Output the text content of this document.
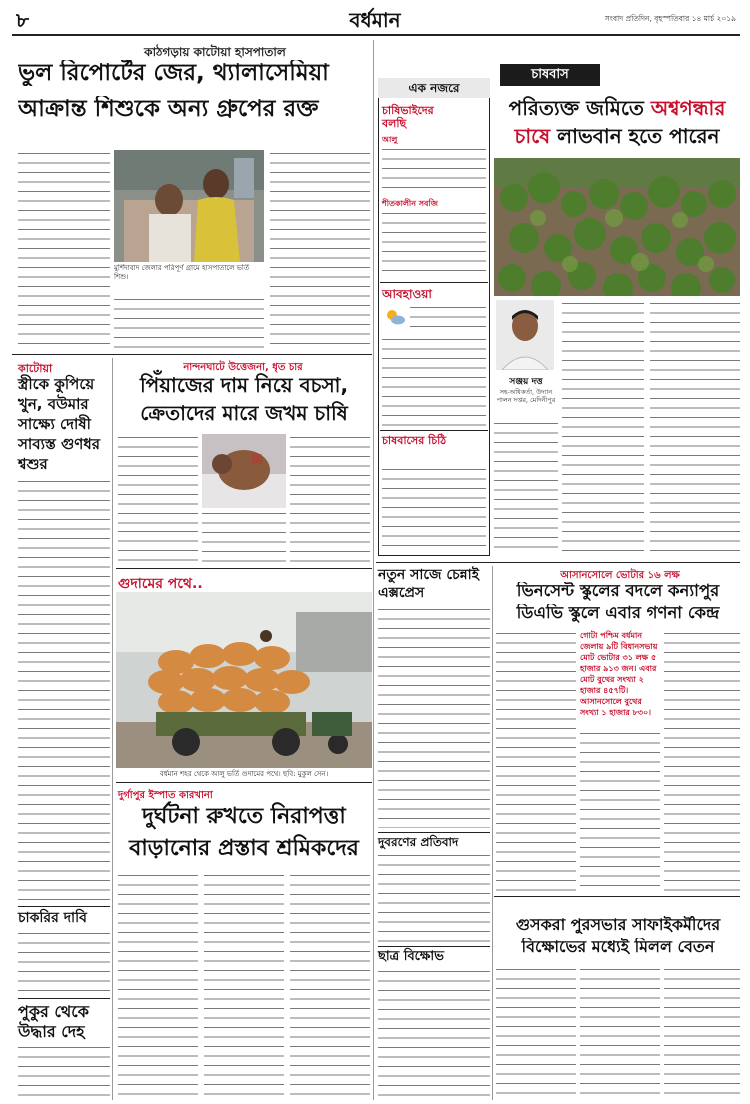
৮	বর্ধমান	সংবাদ প্রতিদিন, বৃহস্পতিবার ১৪ মার্চ ২০১৯
কাঠগড়ায় কাটোয়া হাসপাতাল
ভুল রিপোর্টের জের, থ্যালাসেমিয়া
আক্রান্ত শিশুকে অন্য গ্রুপের রক্ত
মুর্শিদাবাদ জেলার পরিপূর্ণ গ্রামে হাসপাতালে ভর্তি শিশু।
কাটোয়া
স্ত্রীকে কুপিয়ে খুন, বউমার সাক্ষ্যে দোষী সাব্যস্ত গুণধর শ্বশুর
চাকরির দাবি
পুকুর থেকে উদ্ধার দেহ
নান্দনঘাটে উত্তেজনা, ধৃত চার
পিঁয়াজের দাম নিয়ে বচসা,
ক্রেতাদের মারে জখম চাষি
গুদামের পথে..
বর্ধমান শহর থেকে আলু ভর্তি গুদামের পথে। ছবি: মুকুল সেন।
দুর্গাপুর ইস্পাত কারখানা
দুর্ঘটনা রুখতে নিরাপত্তা
বাড়ানোর প্রস্তাব শ্রমিকদের
এক নজরে
চাষিভাইদের বলছি
আলু
শীতকালীন সবজি
আবহাওয়া
চাষবাসের চিঠি
চাষবাস
পরিত্যক্ত জমিতে অশ্বগন্ধার
চাষে লাভবান হতে পারেন
সঞ্জয় দত্ত
সহ-অধিকর্তা, উদ্যান পালন দপ্তর, মেদিনীপুর
নতুন সাজে চেন্নাই এক্সপ্রেস
দুবরণের প্রতিবাদ
ছাত্র বিক্ষোভ
আসানসোলে ভোটার ১৬ লক্ষ
ভিনসেন্ট স্কুলের বদলে কন্যাপুর
ডিএভি স্কুলে এবার গণনা কেন্দ্র
গোটা পশ্চিম বর্ধমান জেলায় ৯টি বিধানসভায় মোট ভোটার ৩১ লক্ষ ৫ হাজার ৯১৩ জন। এবার মোট বুথের সংখ্যা ২ হাজার ৪৫৭টি। আসানসোলে বুথের সংখ্যা ১ হাজার ৮৩০।
গুসকরা পুরসভার সাফাইকর্মীদের
বিক্ষোভের মধ্যেই মিলল বেতন
